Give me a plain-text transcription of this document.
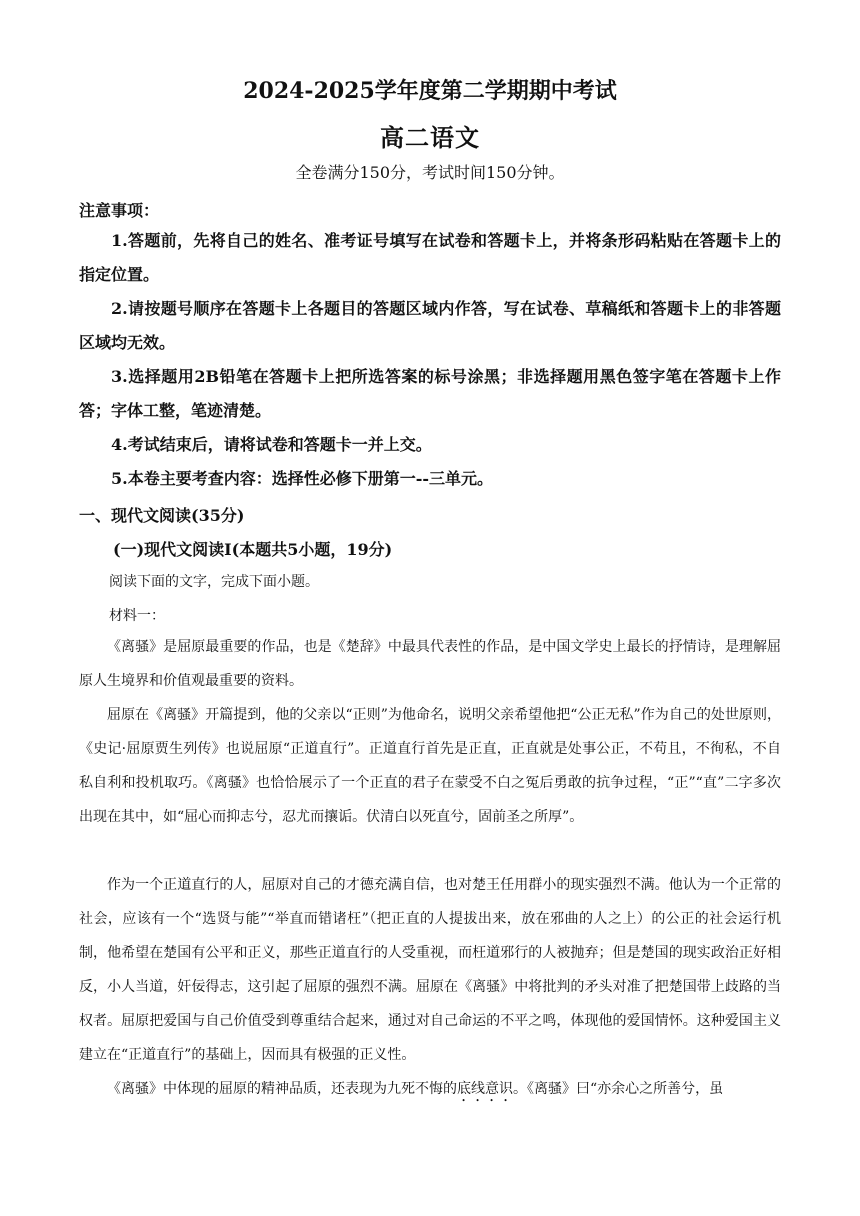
2024-2025学年度第二学期期中考试
高二语文
全卷满分150分，考试时间150分钟。
注意事项：
1.答题前，先将自己的姓名、准考证号填写在试卷和答题卡上，并将条形码粘贴在答题卡上的指定位置。
2.请按题号顺序在答题卡上各题目的答题区域内作答，写在试卷、草稿纸和答题卡上的非答题区域均无效。
3.选择题用2B铅笔在答题卡上把所选答案的标号涂黑；非选择题用黑色签字笔在答题卡上作答；字体工整，笔迹清楚。
4.考试结束后，请将试卷和答题卡一并上交。
5.本卷主要考查内容：选择性必修下册第一--三单元。
一、现代文阅读(35分)
(一)现代文阅读Ⅰ(本题共5小题，19分)
阅读下面的文字，完成下面小题。
材料一：
《离骚》是屈原最重要的作品，也是《楚辞》中最具代表性的作品，是中国文学史上最长的抒情诗，是理解屈原人生境界和价值观最重要的资料。
屈原在《离骚》开篇提到，他的父亲以“正则”为他命名，说明父亲希望他把“公正无私”作为自己的处世原则，《史记·屈原贾生列传》也说屈原“正道直行”。正道直行首先是正直，正直就是处事公正，不苟且，不徇私，不自私自利和投机取巧。《离骚》也恰恰展示了一个正直的君子在蒙受不白之冤后勇敢的抗争过程，“正”“直”二字多次出现在其中，如“屈心而抑志兮，忍尤而攘诟。伏清白以死直兮，固前圣之所厚”。
作为一个正道直行的人，屈原对自己的才德充满自信，也对楚王任用群小的现实强烈不满。他认为一个正常的社会，应该有一个“选贤与能”“举直而错诸枉”（把正直的人提拔出来，放在邪曲的人之上）的公正的社会运行机制，他希望在楚国有公平和正义，那些正道直行的人受重视，而枉道邪行的人被抛弃；但是楚国的现实政治正好相反，小人当道，奸佞得志，这引起了屈原的强烈不满。屈原在《离骚》中将批判的矛头对准了把楚国带上歧路的当权者。屈原把爱国与自己价值受到尊重结合起来，通过对自己命运的不平之鸣，体现他的爱国情怀。这种爱国主义建立在“正道直行”的基础上，因而具有极强的正义性。
《离骚》中体现的屈原的精神品质，还表现为九死不悔的底线意识。《离骚》曰“亦余心之所善兮，虽
